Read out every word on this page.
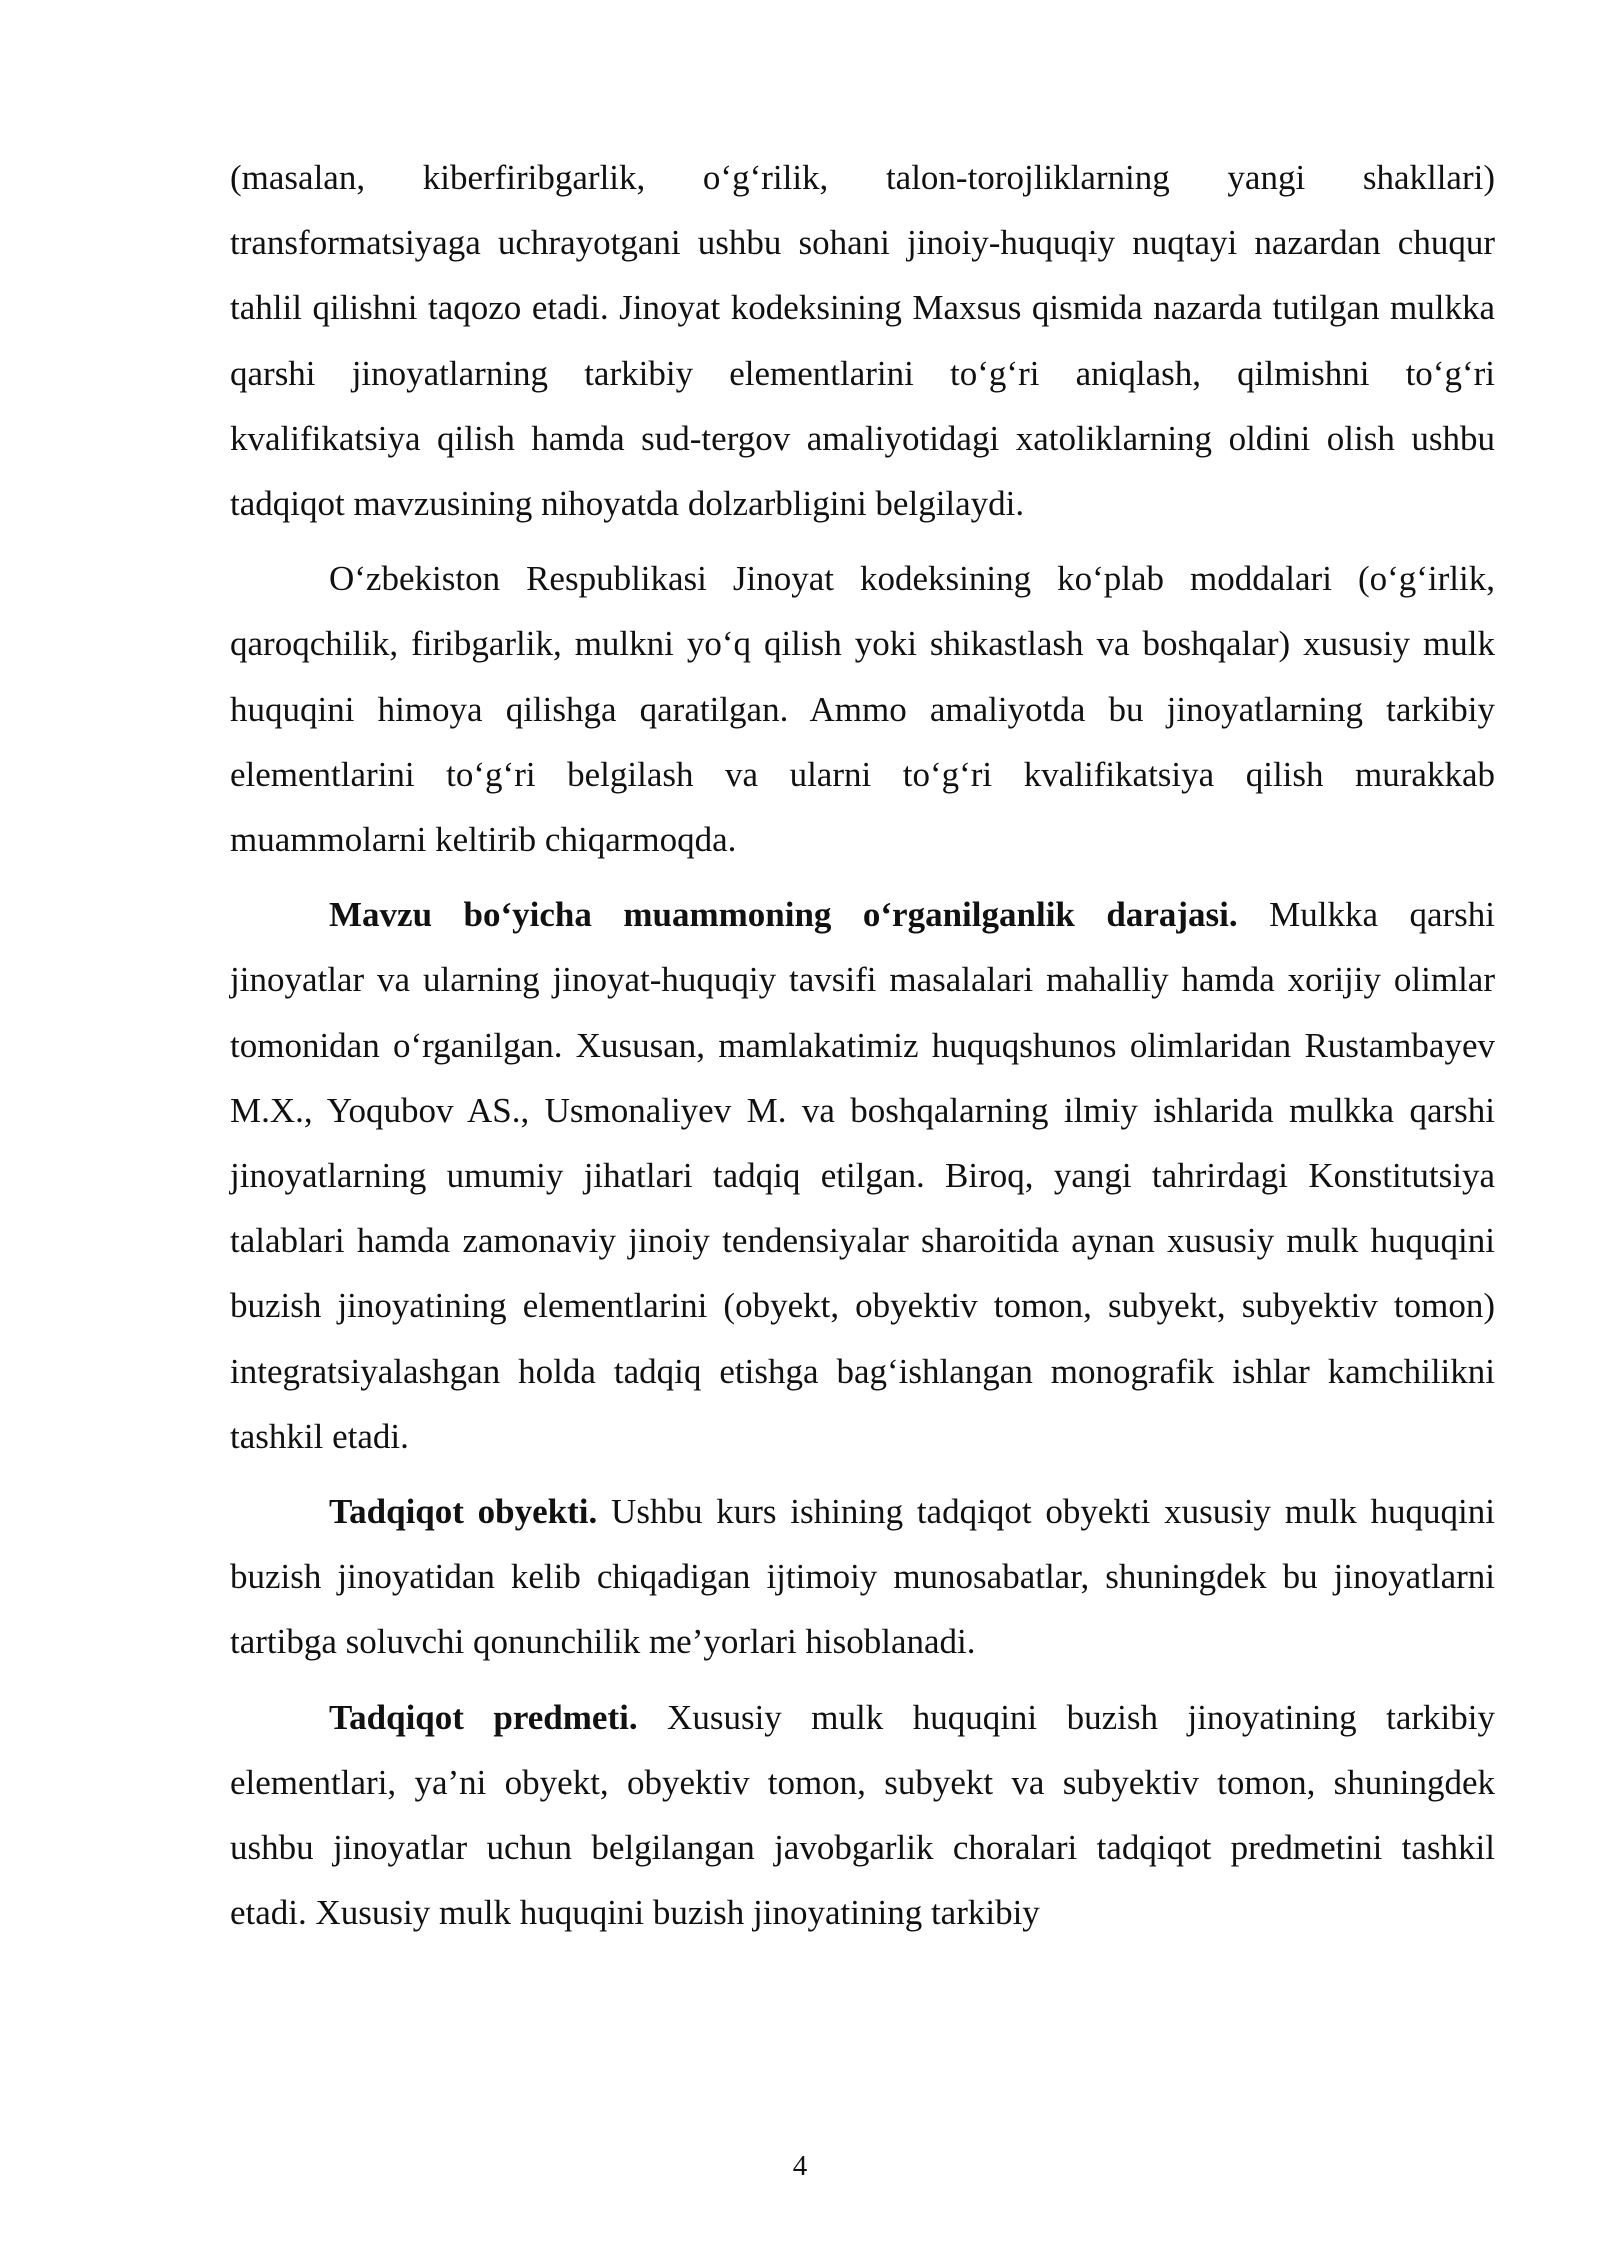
(masalan, kiberfiribgarlik, o‘g‘rilik, talon-torojliklarning yangi shakllari) transformatsiyaga uchrayotgani ushbu sohani jinoiy-huquqiy nuqtayi nazardan chuqur tahlil qilishni taqozo etadi. Jinoyat kodeksining Maxsus qismida nazarda tutilgan mulkka qarshi jinoyatlarning tarkibiy elementlarini to‘g‘ri aniqlash, qilmishni to‘g‘ri kvalifikatsiya qilish hamda sud-tergov amaliyotidagi xatoliklarning oldini olish ushbu tadqiqot mavzusining nihoyatda dolzarbligini belgilaydi.

O‘zbekiston Respublikasi Jinoyat kodeksining ko‘plab moddalari (o‘g‘irlik, qaroqchilik, firibgarlik, mulkni yo‘q qilish yoki shikastlash va boshqalar) xususiy mulk huquqini himoya qilishga qaratilgan. Ammo amaliyotda bu jinoyatlarning tarkibiy elementlarini to‘g‘ri belgilash va ularni to‘g‘ri kvalifikatsiya qilish murakkab muammolarni keltirib chiqarmoqda.

Mavzu bo‘yicha muammoning o‘rganilganlik darajasi. Mulkka qarshi jinoyatlar va ularning jinoyat-huquqiy tavsifi masalalari mahalliy hamda xorijiy olimlar tomonidan o‘rganilgan. Xususan, mamlakatimiz huquqshunos olimlaridan Rustambayev M.X., Yoqubov AS., Usmonaliyev M. va boshqalarning ilmiy ishlarida mulkka qarshi jinoyatlarning umumiy jihatlari tadqiq etilgan. Biroq, yangi tahrirdagi Konstitutsiya talablari hamda zamonaviy jinoiy tendensiyalar sharoitida aynan xususiy mulk huquqini buzish jinoyatining elementlarini (obyekt, obyektiv tomon, subyekt, subyektiv tomon) integratsiyalashgan holda tadqiq etishga bag‘ishlangan monografik ishlar kamchilikni tashkil etadi.

Tadqiqot obyekti. Ushbu kurs ishining tadqiqot obyekti xususiy mulk huquqini buzish jinoyatidan kelib chiqadigan ijtimoiy munosabatlar, shuningdek bu jinoyatlarni tartibga soluvchi qonunchilik me’yorlari hisoblanadi.

Tadqiqot predmeti. Xususiy mulk huquqini buzish jinoyatining tarkibiy elementlari, ya’ni obyekt, obyektiv tomon, subyekt va subyektiv tomon, shuningdek ushbu jinoyatlar uchun belgilangan javobgarlik choralari tadqiqot predmetini tashkil etadi. Xususiy mulk huquqini buzish jinoyatining tarkibiy

4
